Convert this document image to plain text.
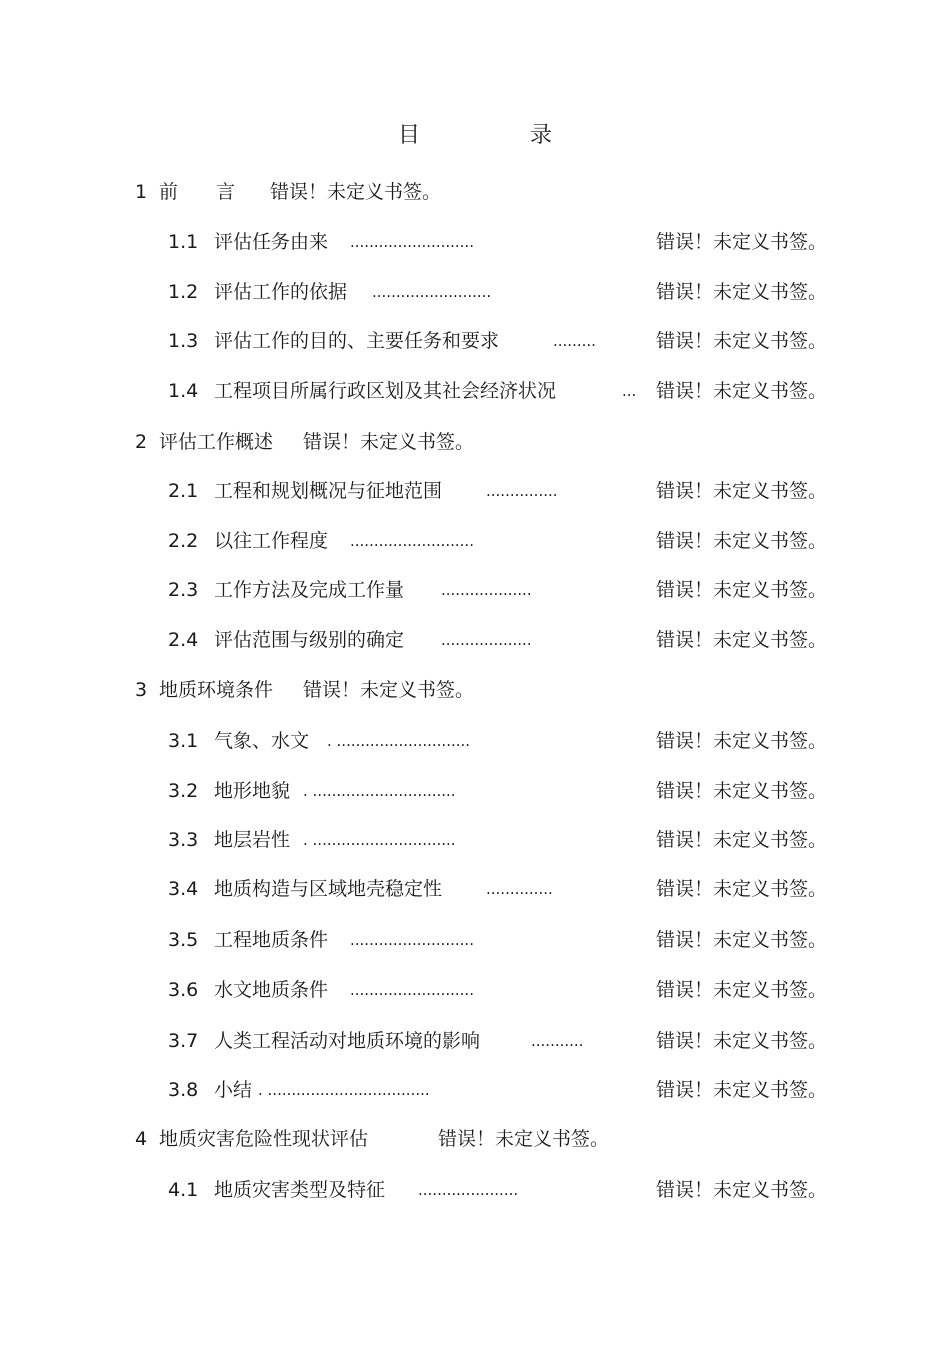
目　录
1 前　　言 错误！未定义书签。
1.1 评估任务由来 ..........................	错误！未定义书签。
1.2 评估工作的依据 .........................	错误！未定义书签。
1.3 评估工作的目的、主要任务和要求	.........	错误！未定义书签。
1.4 工程项目所属行政区划及其社会经济状况	... 错误！未定义书签。
2 评估工作概述 错误！未定义书签。
2.1 工程和规划概况与征地范围	...............	错误！未定义书签。
2.2 以往工作程度 ..........................	错误！未定义书签。
2.3 工作方法及完成工作量 ...................	错误！未定义书签。
2.4 评估范围与级别的确定 ...................	错误！未定义书签。
3 地质环境条件 错误！未定义书签。
3.1 气象、水文 . ............................	错误！未定义书签。
3.2 地形地貌 . ..............................	错误！未定义书签。
3.3 地层岩性 . ..............................	错误！未定义书签。
3.4 地质构造与区域地壳稳定性	..............	错误！未定义书签。
3.5 工程地质条件 ..........................	错误！未定义书签。
3.6 水文地质条件 ..........................	错误！未定义书签。
3.7 人类工程活动对地质环境的影响	...........	错误！未定义书签。
3.8 小结 . ..................................	错误！未定义书签。
4 地质灾害危险性现状评估	错误！未定义书签。
4.1 地质灾害类型及特征 .....................	错误！未定义书签。
